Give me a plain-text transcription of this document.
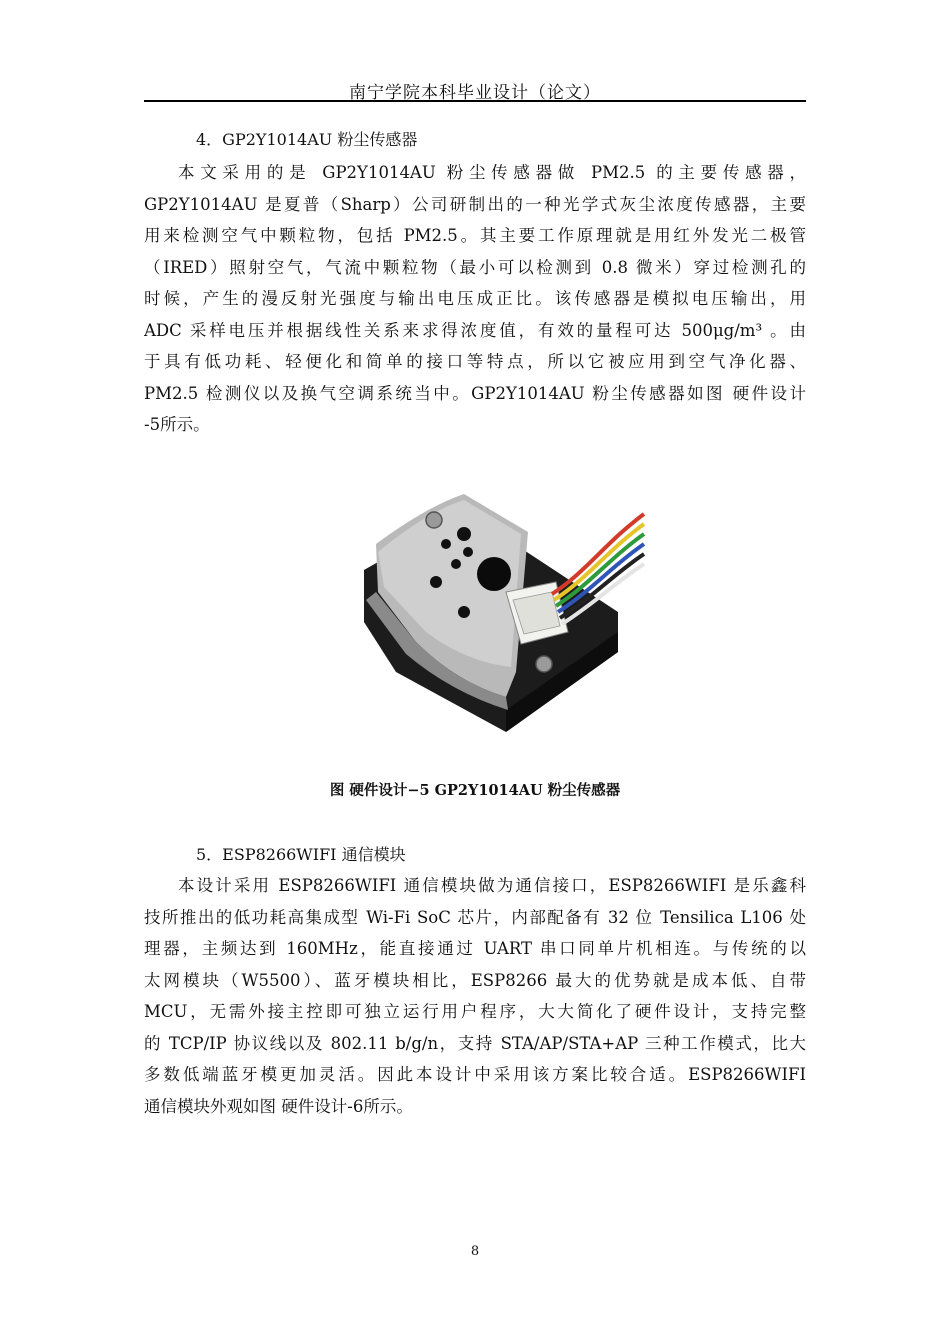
南宁学院本科毕业设计（论文）
4．GP2Y1014AU 粉尘传感器
本文采用的是 GP2Y1014AU 粉尘传感器做 PM2.5 的主要传感器，
GP2Y1014AU 是夏普（Sharp）公司研制出的一种光学式灰尘浓度传感器，主要
用来检测空气中颗粒物，包括 PM2.5。其主要工作原理就是用红外发光二极管
（IRED）照射空气，气流中颗粒物（最小可以检测到 0.8 微米）穿过检测孔的
时候，产生的漫反射光强度与输出电压成正比。该传感器是模拟电压输出，用
ADC 采样电压并根据线性关系来求得浓度值，有效的量程可达 500μg/m³ 。由
于具有低功耗、轻便化和简单的接口等特点，所以它被应用到空气净化器、
PM2.5 检测仪以及换气空调系统当中。GP2Y1014AU 粉尘传感器如图 硬件设计
-5所示。
图 硬件设计−5 GP2Y1014AU 粉尘传感器
5．ESP8266WIFI 通信模块
本设计采用 ESP8266WIFI 通信模块做为通信接口，ESP8266WIFI 是乐鑫科
技所推出的低功耗高集成型 Wi-Fi SoC 芯片，内部配备有 32 位 Tensilica L106 处
理器，主频达到 160MHz，能直接通过 UART 串口同单片机相连。与传统的以
太网模块（W5500）、蓝牙模块相比，ESP8266 最大的优势就是成本低、自带
MCU，无需外接主控即可独立运行用户程序，大大简化了硬件设计，支持完整
的 TCP/IP 协议线以及 802.11 b/g/n，支持 STA/AP/STA+AP 三种工作模式，比大
多数低端蓝牙模更加灵活。因此本设计中采用该方案比较合适。ESP8266WIFI
通信模块外观如图 硬件设计-6所示。
8
